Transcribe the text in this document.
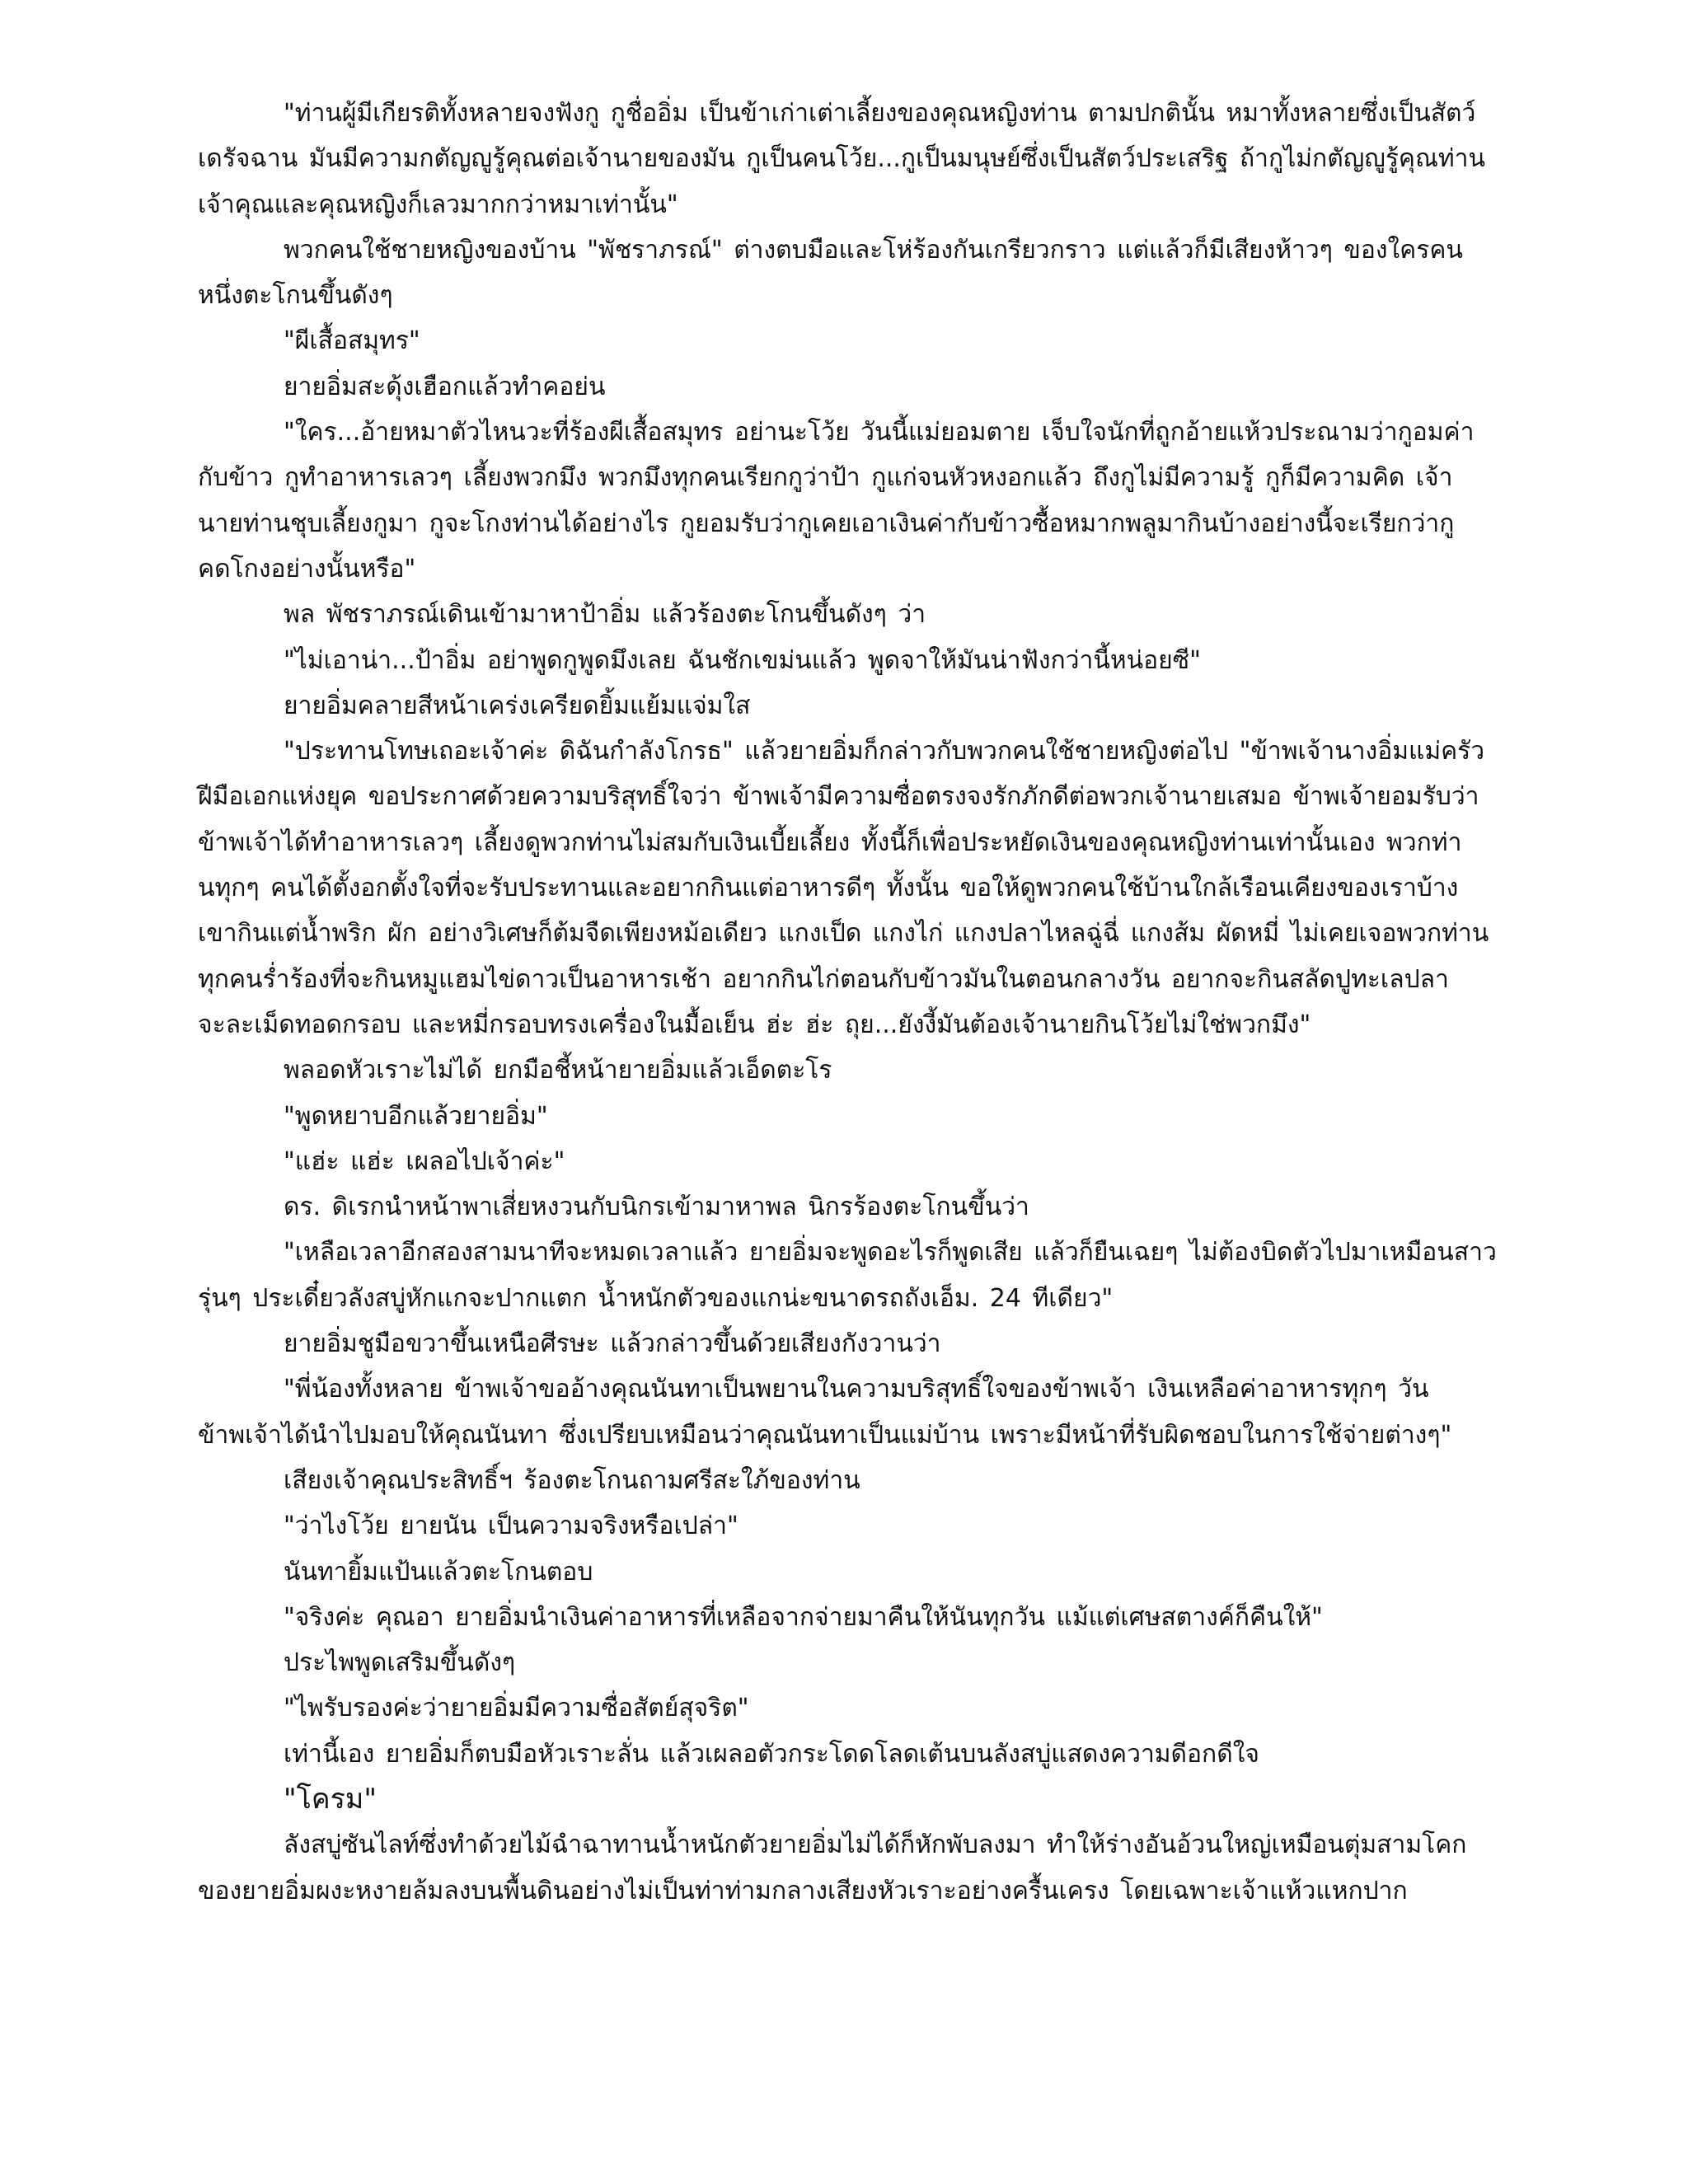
"ท่านผู้มีเกียรติทั้งหลายจงฟังกู กูชื่ออิ่ม เป็นข้าเก่าเต่าเลี้ยงของคุณหญิงท่าน ตามปกตินั้น หมาทั้งหลายซึ่งเป็นสัตว์เดรัจฉาน มันมีความกตัญญูรู้คุณต่อเจ้านายของมัน กูเป็นคนโว้ย...กูเป็นมนุษย์ซึ่งเป็นสัตว์ประเสริฐ ถ้ากูไม่กตัญญูรู้คุณท่านเจ้าคุณและคุณหญิงก็เลวมากกว่าหมาเท่านั้น"

พวกคนใช้ชายหญิงของบ้าน "พัชราภรณ์" ต่างตบมือและโห่ร้องกันเกรียวกราว แต่แล้วก็มีเสียงห้าวๆ ของใครคนหนึ่งตะโกนขึ้นดังๆ

"ผีเสื้อสมุทร"

ยายอิ่มสะดุ้งเฮือกแล้วทำคอย่น

"ใคร...อ้ายหมาตัวไหนวะที่ร้องผีเสื้อสมุทร อย่านะโว้ย วันนี้แม่ยอมตาย เจ็บใจนักที่ถูกอ้ายแห้วประณามว่ากูอมค่ากับข้าว กูทำอาหารเลวๆ เลี้ยงพวกมึง พวกมึงทุกคนเรียกกูว่าป้า กูแก่จนหัวหงอกแล้ว ถึงกูไม่มีความรู้ กูก็มีความคิด เจ้านายท่านชุบเลี้ยงกูมา กูจะโกงท่านได้อย่างไร กูยอมรับว่ากูเคยเอาเงินค่ากับข้าวซื้อหมากพลูมากินบ้างอย่างนี้จะเรียกว่ากูคดโกงอย่างนั้นหรือ"

พล พัชราภรณ์เดินเข้ามาหาป้าอิ่ม แล้วร้องตะโกนขึ้นดังๆ ว่า

"ไม่เอาน่า...ป้าอิ่ม อย่าพูดกูพูดมึงเลย ฉันชักเขม่นแล้ว พูดจาให้มันน่าฟังกว่านี้หน่อยซี"

ยายอิ่มคลายสีหน้าเคร่งเครียดยิ้มแย้มแจ่มใส

"ประทานโทษเถอะเจ้าค่ะ ดิฉันกำลังโกรธ" แล้วยายอิ่มก็กล่าวกับพวกคนใช้ชายหญิงต่อไป "ข้าพเจ้านางอิ่มแม่ครัวฝีมือเอกแห่งยุค ขอประกาศด้วยความบริสุทธิ์ใจว่า ข้าพเจ้ามีความซื่อตรงจงรักภักดีต่อพวกเจ้านายเสมอ ข้าพเจ้ายอมรับว่าข้าพเจ้าได้ทำอาหารเลวๆ เลี้ยงดูพวกท่านไม่สมกับเงินเบี้ยเลี้ยง ทั้งนี้ก็เพื่อประหยัดเงินของคุณหญิงท่านเท่านั้นเอง พวกท่านทุกๆ คนได้ตั้งอกตั้งใจที่จะรับประทานและอยากกินแต่อาหารดีๆ ทั้งนั้น ขอให้ดูพวกคนใช้บ้านใกล้เรือนเคียงของเราบ้าง เขากินแต่น้ำพริก ผัก อย่างวิเศษก็ต้มจืดเพียงหม้อเดียว แกงเป็ด แกงไก่ แกงปลาไหลฉู่ฉี่ แกงส้ม ผัดหมี่ ไม่เคยเจอพวกท่านทุกคนร่ำร้องที่จะกินหมูแฮมไข่ดาวเป็นอาหารเช้า อยากกินไก่ตอนกับข้าวมันในตอนกลางวัน อยากจะกินสลัดปูทะเลปลาจะละเม็ดทอดกรอบ และหมี่กรอบทรงเครื่องในมื้อเย็น ฮ่ะ ฮ่ะ ถุย...ยังงี้มันต้องเจ้านายกินโว้ยไม่ใช่พวกมึง"

พลอดหัวเราะไม่ได้ ยกมือชี้หน้ายายอิ่มแล้วเอ็ดตะโร

"พูดหยาบอีกแล้วยายอิ่ม"

"แฮ่ะ แฮ่ะ เผลอไปเจ้าค่ะ"

ดร. ดิเรกนำหน้าพาเสี่ยหงวนกับนิกรเข้ามาหาพล นิกรร้องตะโกนขึ้นว่า

"เหลือเวลาอีกสองสามนาทีจะหมดเวลาแล้ว ยายอิ่มจะพูดอะไรก็พูดเสีย แล้วก็ยืนเฉยๆ ไม่ต้องบิดตัวไปมาเหมือนสาวรุ่นๆ ประเดี๋ยวลังสบู่หักแกจะปากแตก น้ำหนักตัวของแกน่ะขนาดรถถังเอ็ม. 24 ทีเดียว"

ยายอิ่มชูมือขวาขึ้นเหนือศีรษะ แล้วกล่าวขึ้นด้วยเสียงกังวานว่า

"พี่น้องทั้งหลาย ข้าพเจ้าขออ้างคุณนันทาเป็นพยานในความบริสุทธิ์ใจของข้าพเจ้า เงินเหลือค่าอาหารทุกๆ วัน ข้าพเจ้าได้นำไปมอบให้คุณนันทา ซึ่งเปรียบเหมือนว่าคุณนันทาเป็นแม่บ้าน เพราะมีหน้าที่รับผิดชอบในการใช้จ่ายต่างๆ"

เสียงเจ้าคุณประสิทธิ์ฯ ร้องตะโกนถามศรีสะใภ้ของท่าน

"ว่าไงโว้ย ยายนัน เป็นความจริงหรือเปล่า"

นันทายิ้มแป้นแล้วตะโกนตอบ

"จริงค่ะ คุณอา ยายอิ่มนำเงินค่าอาหารที่เหลือจากจ่ายมาคืนให้นันทุกวัน แม้แต่เศษสตางค์ก็คืนให้"

ประไพพูดเสริมขึ้นดังๆ

"ไพรับรองค่ะว่ายายอิ่มมีความซื่อสัตย์สุจริต"

เท่านี้เอง ยายอิ่มก็ตบมือหัวเราะลั่น แล้วเผลอตัวกระโดดโลดเต้นบนลังสบู่แสดงความดีอกดีใจ

"โครม"

ลังสบู่ซันไลท์ซึ่งทำด้วยไม้ฉำฉาทานน้ำหนักตัวยายอิ่มไม่ได้ก็หักพับลงมา ทำให้ร่างอันอ้วนใหญ่เหมือนตุ่มสามโคกของยายอิ่มผงะหงายล้มลงบนพื้นดินอย่างไม่เป็นท่าท่ามกลางเสียงหัวเราะอย่างครื้นเครง โดยเฉพาะเจ้าแห้วแหกปาก
